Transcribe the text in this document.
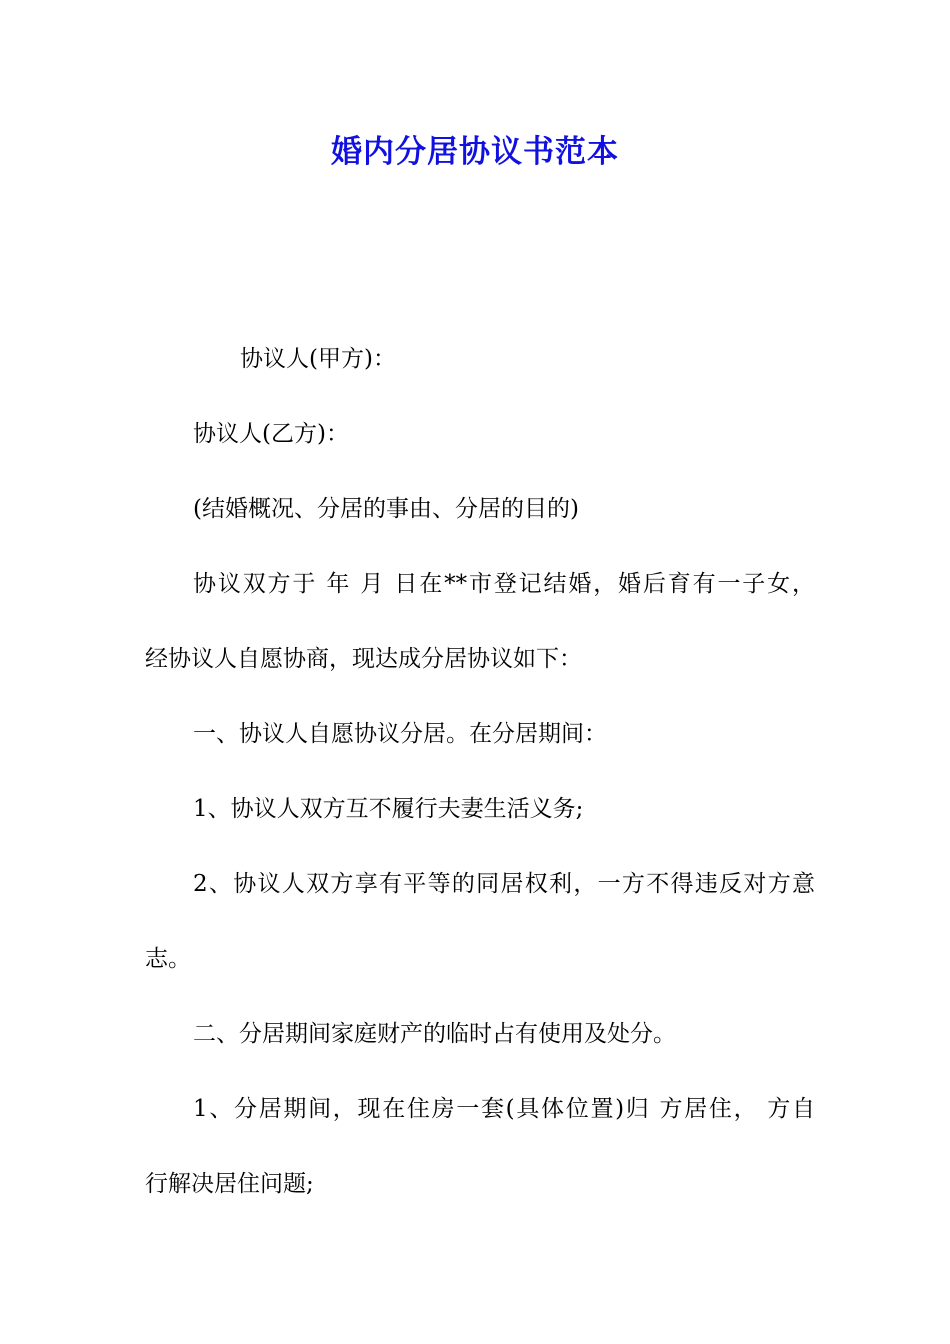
婚内分居协议书范本
协议人(甲方)：
协议人(乙方)：
(结婚概况、分居的事由、分居的目的)
协议双方于 年 月 日在**市登记结婚，婚后育有一子女，
经协议人自愿协商，现达成分居协议如下：
一、协议人自愿协议分居。在分居期间：
1、协议人双方互不履行夫妻生活义务;
2、协议人双方享有平等的同居权利，一方不得违反对方意
志。
二、分居期间家庭财产的临时占有使用及处分。
1、分居期间，现在住房一套(具体位置)归 方居住， 方自
行解决居住问题;
